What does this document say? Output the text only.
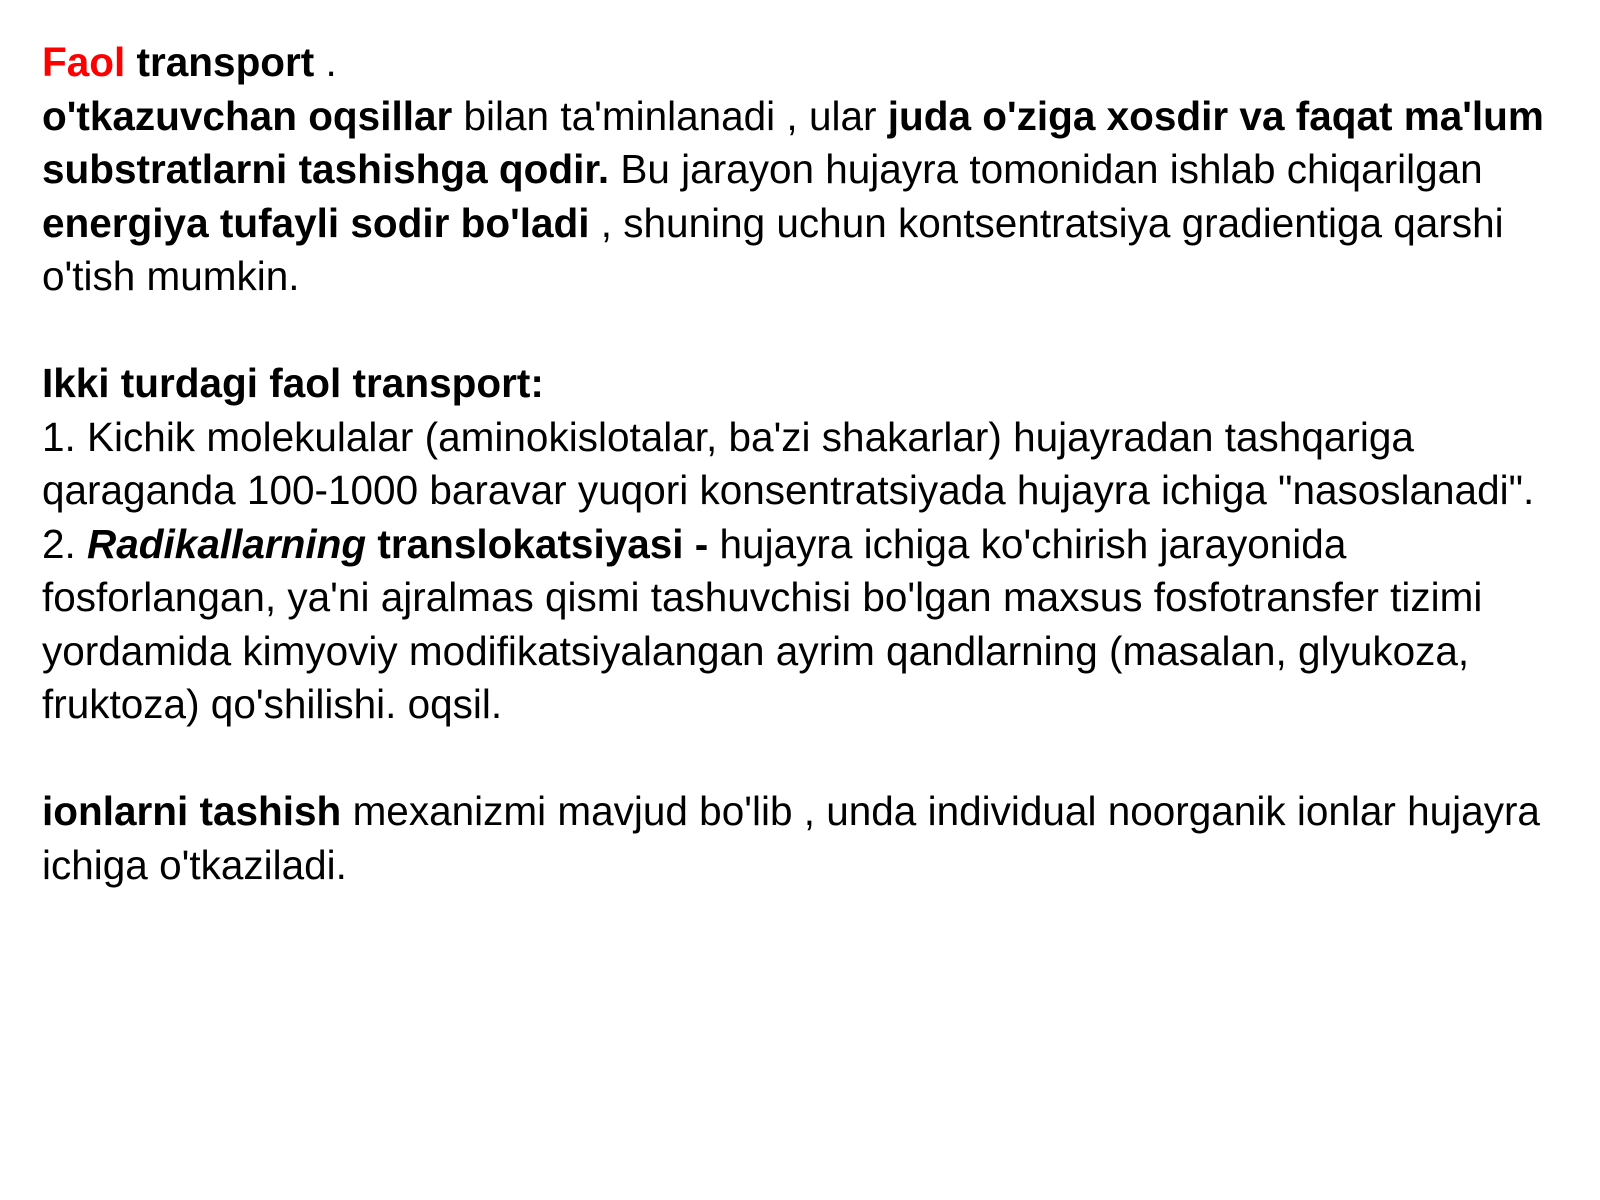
Faol transport .
o'tkazuvchan oqsillar bilan ta'minlanadi , ular juda o'ziga xosdir va faqat ma'lum substratlarni tashishga qodir. Bu jarayon hujayra tomonidan ishlab chiqarilgan energiya tufayli sodir bo'ladi , shuning uchun kontsentratsiya gradientiga qarshi o'tish mumkin.

Ikki turdagi faol transport:
1. Kichik molekulalar (aminokislotalar, ba'zi shakarlar) hujayradan tashqariga qaraganda 100-1000 baravar yuqori konsentratsiyada hujayra ichiga "nasoslanadi".
2. Radikallarning translokatsiyasi - hujayra ichiga ko'chirish jarayonida fosforlangan, ya'ni ajralmas qismi tashuvchisi bo'lgan maxsus fosfotransfer tizimi yordamida kimyoviy modifikatsiyalangan ayrim qandlarning (masalan, glyukoza, fruktoza) qo'shilishi. oqsil.

ionlarni tashish mexanizmi mavjud bo'lib , unda individual noorganik ionlar hujayra ichiga o'tkaziladi.
